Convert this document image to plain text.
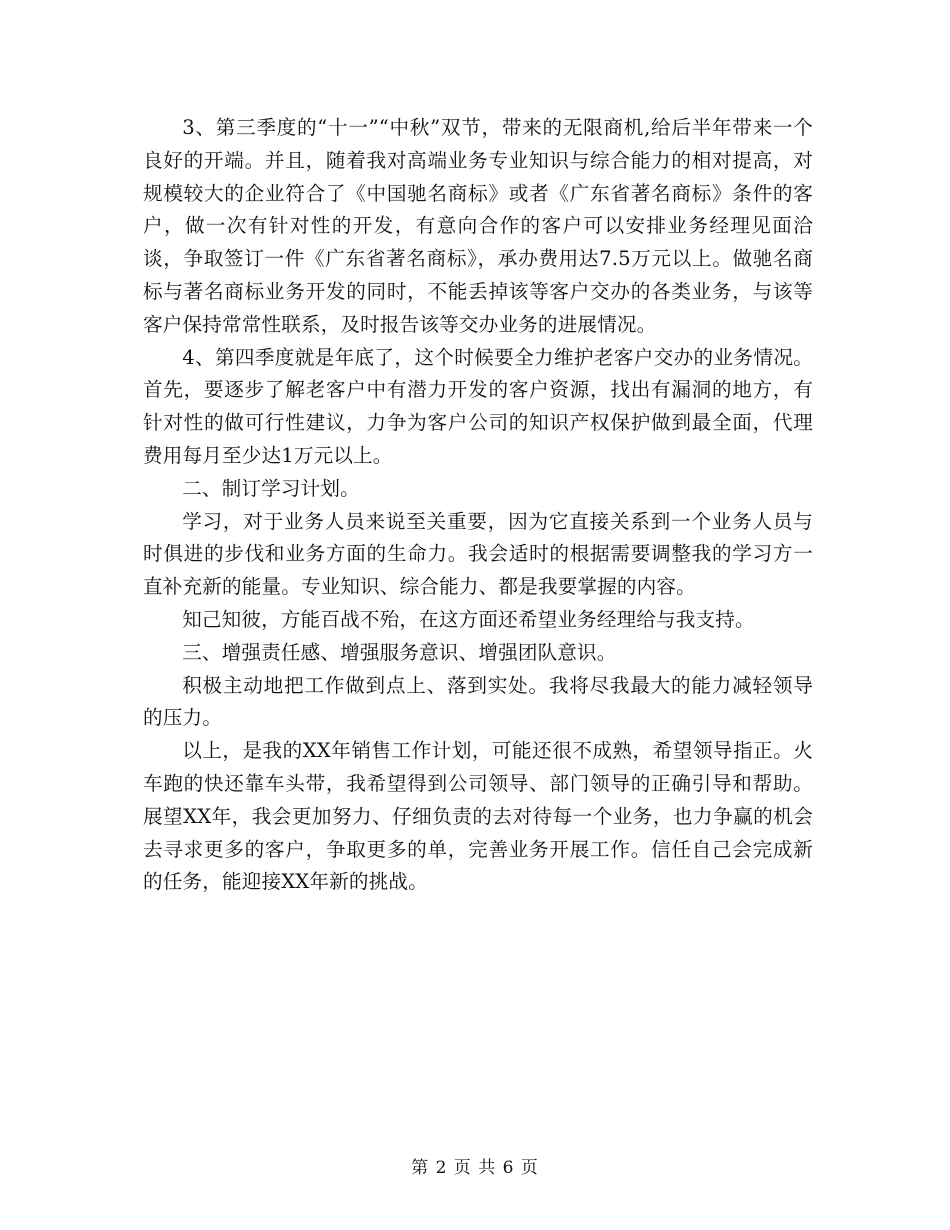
3、第三季度的“十一”“中秋”双节，带来的无限商机,给后半年带来一个良好的开端。并且，随着我对高端业务专业知识与综合能力的相对提高，对规模较大的企业符合了《中国驰名商标》或者《广东省著名商标》条件的客户，做一次有针对性的开发，有意向合作的客户可以安排业务经理见面洽谈，争取签订一件《广东省著名商标》，承办费用达7.5万元以上。做驰名商标与著名商标业务开发的同时，不能丢掉该等客户交办的各类业务，与该等客户保持常常性联系，及时报告该等交办业务的进展情况。

4、第四季度就是年底了，这个时候要全力维护老客户交办的业务情况。首先，要逐步了解老客户中有潜力开发的客户资源，找出有漏洞的地方，有针对性的做可行性建议，力争为客户公司的知识产权保护做到最全面，代理费用每月至少达1万元以上。

二、制订学习计划。

学习，对于业务人员来说至关重要，因为它直接关系到一个业务人员与时俱进的步伐和业务方面的生命力。我会适时的根据需要调整我的学习方一直补充新的能量。专业知识、综合能力、都是我要掌握的内容。

知己知彼，方能百战不殆，在这方面还希望业务经理给与我支持。

三、增强责任感、增强服务意识、增强团队意识。

积极主动地把工作做到点上、落到实处。我将尽我最大的能力减轻领导的压力。

以上，是我的XX年销售工作计划，可能还很不成熟，希望领导指正。火车跑的快还靠车头带，我希望得到公司领导、部门领导的正确引导和帮助。展望XX年，我会更加努力、仔细负责的去对待每一个业务，也力争赢的机会去寻求更多的客户，争取更多的单，完善业务开展工作。信任自己会完成新的任务，能迎接XX年新的挑战。

第 2 页 共 6 页
